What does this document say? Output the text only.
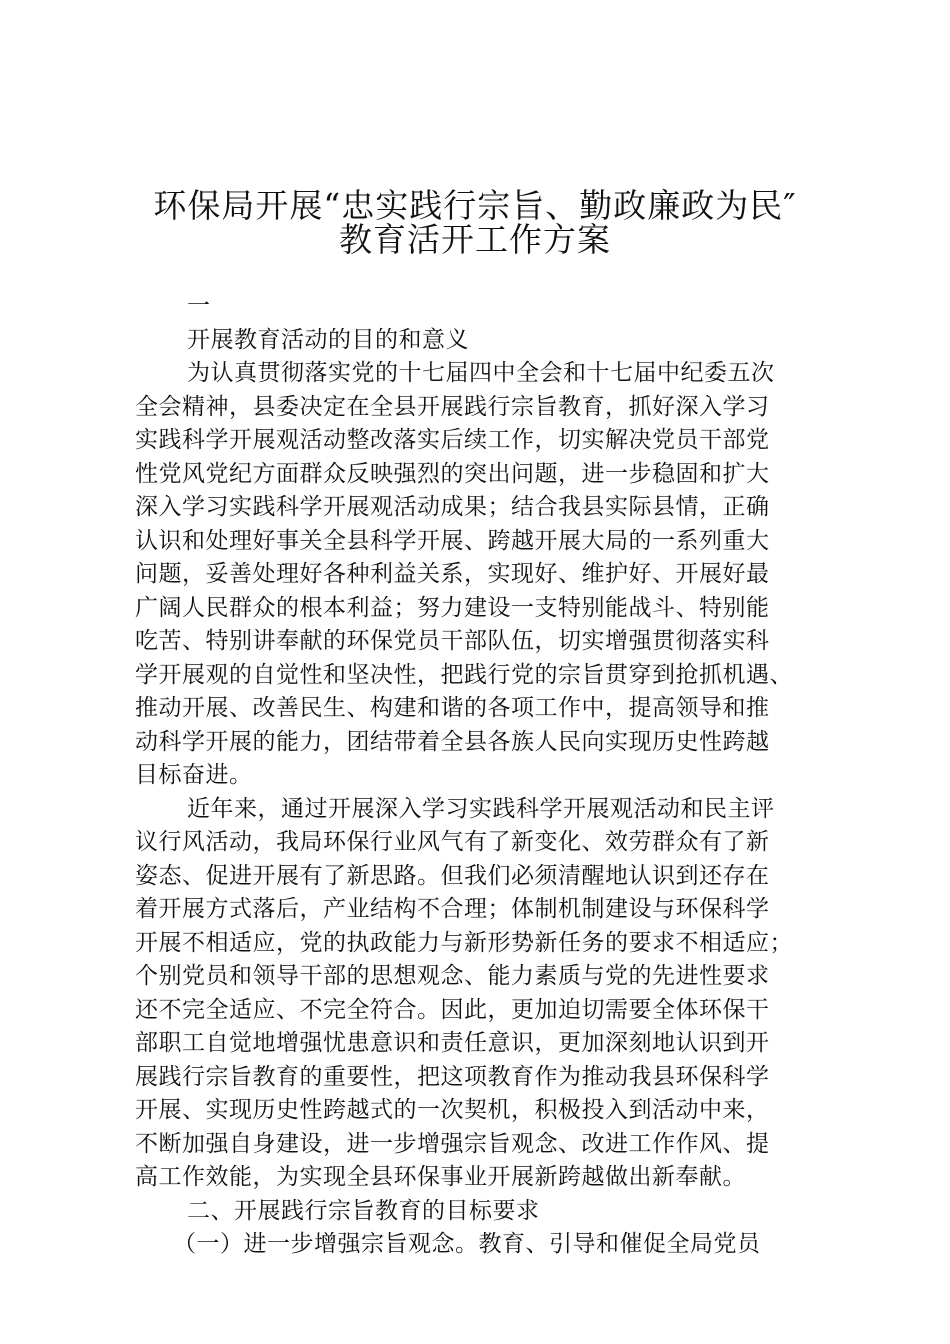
环保局开展“忠实践行宗旨、勤政廉政为民″
教育活开工作方案
一
开展教育活动的目的和意义
为认真贯彻落实党的十七届四中全会和十七届中纪委五次
全会精神，县委决定在全县开展践行宗旨教育，抓好深入学习
实践科学开展观活动整改落实后续工作，切实解决党员干部党
性党风党纪方面群众反映强烈的突出问题，进一步稳固和扩大
深入学习实践科学开展观活动成果；结合我县实际县情，正确
认识和处理好事关全县科学开展、跨越开展大局的一系列重大
问题，妥善处理好各种利益关系，实现好、维护好、开展好最
广阔人民群众的根本利益；努力建设一支特别能战斗、特别能
吃苦、特别讲奉献的环保党员干部队伍，切实增强贯彻落实科
学开展观的自觉性和坚决性，把践行党的宗旨贯穿到抢抓机遇、
推动开展、改善民生、构建和谐的各项工作中，提高领导和推
动科学开展的能力，团结带着全县各族人民向实现历史性跨越
目标奋进。
近年来，通过开展深入学习实践科学开展观活动和民主评
议行风活动，我局环保行业风气有了新变化、效劳群众有了新
姿态、促进开展有了新思路。但我们必须清醒地认识到还存在
着开展方式落后，产业结构不合理；体制机制建设与环保科学
开展不相适应，党的执政能力与新形势新任务的要求不相适应；
个别党员和领导干部的思想观念、能力素质与党的先进性要求
还不完全适应、不完全符合。因此，更加迫切需要全体环保干
部职工自觉地增强忧患意识和责任意识，更加深刻地认识到开
展践行宗旨教育的重要性，把这项教育作为推动我县环保科学
开展、实现历史性跨越式的一次契机，积极投入到活动中来，
不断加强自身建设，进一步增强宗旨观念、改进工作作风、提
高工作效能，为实现全县环保事业开展新跨越做出新奉献。
二、开展践行宗旨教育的目标要求
（一）进一步增强宗旨观念。教育、引导和催促全局党员
